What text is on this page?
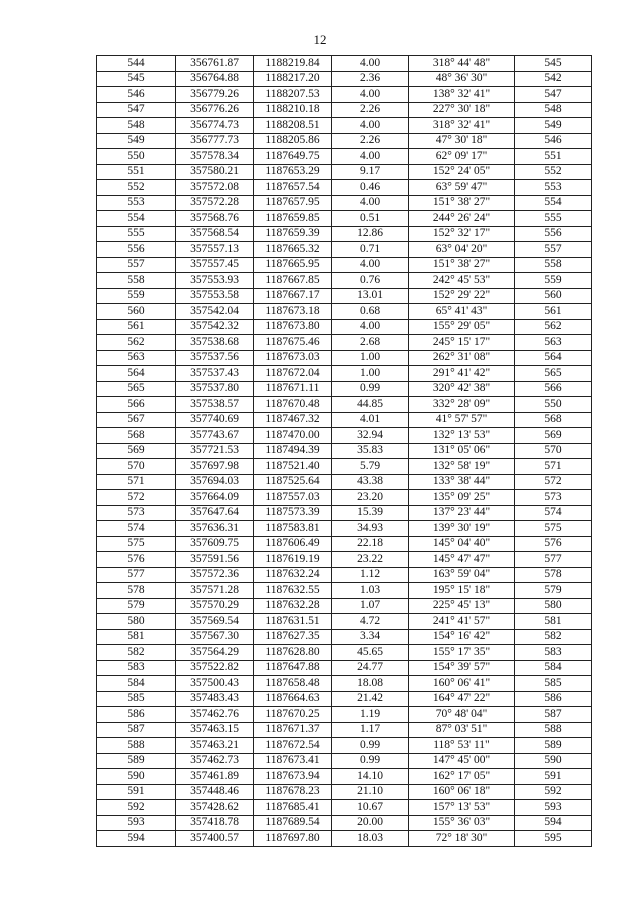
12
544	356761.87	1188219.84	4.00	318° 44' 48"	545
545	356764.88	1188217.20	2.36	48° 36' 30"	542
546	356779.26	1188207.53	4.00	138° 32' 41"	547
547	356776.26	1188210.18	2.26	227° 30' 18"	548
548	356774.73	1188208.51	4.00	318° 32' 41"	549
549	356777.73	1188205.86	2.26	47° 30' 18"	546
550	357578.34	1187649.75	4.00	62° 09' 17"	551
551	357580.21	1187653.29	9.17	152° 24' 05"	552
552	357572.08	1187657.54	0.46	63° 59' 47"	553
553	357572.28	1187657.95	4.00	151° 38' 27"	554
554	357568.76	1187659.85	0.51	244° 26' 24"	555
555	357568.54	1187659.39	12.86	152° 32' 17"	556
556	357557.13	1187665.32	0.71	63° 04' 20"	557
557	357557.45	1187665.95	4.00	151° 38' 27"	558
558	357553.93	1187667.85	0.76	242° 45' 53"	559
559	357553.58	1187667.17	13.01	152° 29' 22"	560
560	357542.04	1187673.18	0.68	65° 41' 43"	561
561	357542.32	1187673.80	4.00	155° 29' 05"	562
562	357538.68	1187675.46	2.68	245° 15' 17"	563
563	357537.56	1187673.03	1.00	262° 31' 08"	564
564	357537.43	1187672.04	1.00	291° 41' 42"	565
565	357537.80	1187671.11	0.99	320° 42' 38"	566
566	357538.57	1187670.48	44.85	332° 28' 09"	550
567	357740.69	1187467.32	4.01	41° 57' 57"	568
568	357743.67	1187470.00	32.94	132° 13' 53"	569
569	357721.53	1187494.39	35.83	131° 05' 06"	570
570	357697.98	1187521.40	5.79	132° 58' 19"	571
571	357694.03	1187525.64	43.38	133° 38' 44"	572
572	357664.09	1187557.03	23.20	135° 09' 25"	573
573	357647.64	1187573.39	15.39	137° 23' 44"	574
574	357636.31	1187583.81	34.93	139° 30' 19"	575
575	357609.75	1187606.49	22.18	145° 04' 40"	576
576	357591.56	1187619.19	23.22	145° 47' 47"	577
577	357572.36	1187632.24	1.12	163° 59' 04"	578
578	357571.28	1187632.55	1.03	195° 15' 18"	579
579	357570.29	1187632.28	1.07	225° 45' 13"	580
580	357569.54	1187631.51	4.72	241° 41' 57"	581
581	357567.30	1187627.35	3.34	154° 16' 42"	582
582	357564.29	1187628.80	45.65	155° 17' 35"	583
583	357522.82	1187647.88	24.77	154° 39' 57"	584
584	357500.43	1187658.48	18.08	160° 06' 41"	585
585	357483.43	1187664.63	21.42	164° 47' 22"	586
586	357462.76	1187670.25	1.19	70° 48' 04"	587
587	357463.15	1187671.37	1.17	87° 03' 51"	588
588	357463.21	1187672.54	0.99	118° 53' 11"	589
589	357462.73	1187673.41	0.99	147° 45' 00"	590
590	357461.89	1187673.94	14.10	162° 17' 05"	591
591	357448.46	1187678.23	21.10	160° 06' 18"	592
592	357428.62	1187685.41	10.67	157° 13' 53"	593
593	357418.78	1187689.54	20.00	155° 36' 03"	594
594	357400.57	1187697.80	18.03	72° 18' 30"	595
